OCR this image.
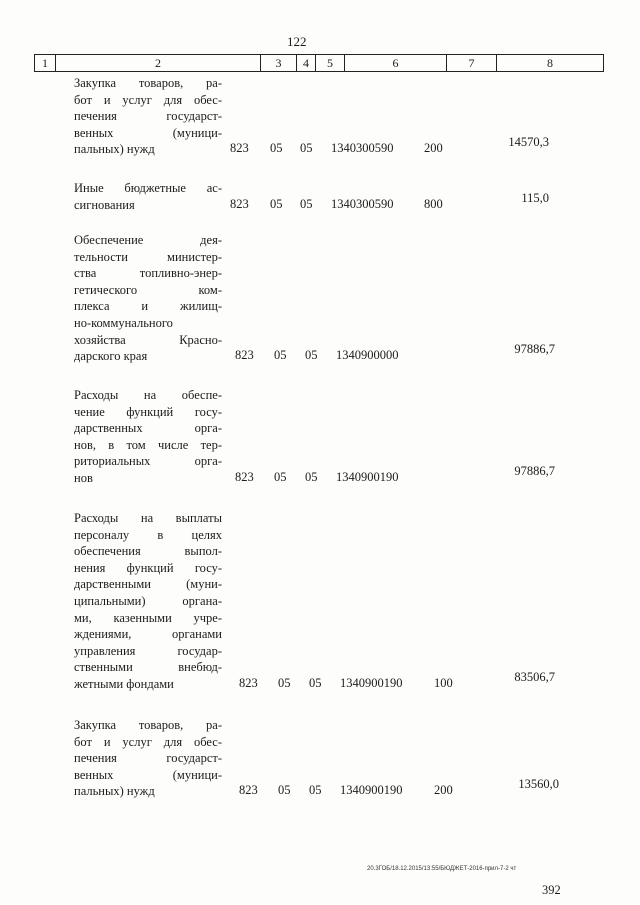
122
1	2	3	4	5	6	7	8
Закупка товаров, ра-
бот и услуг для обес-
печения государст-
венных (муници-
пальных) нужд	823 05 05 1340300590 200	14570,3
Иные бюджетные ас-
сигнования	823 05 05 1340300590 800	115,0
Обеспечение дея-
тельности министер-
ства топливно-энер-
гетического ком-
плекса и жилищ-
но-коммунального
хозяйства Красно-
дарского края	823 05 05 1340900000	97886,7
Расходы на обеспе-
чение функций госу-
дарственных орга-
нов, в том числе тер-
риториальных орга-
нов	823 05 05 1340900190	97886,7
Расходы на выплаты
персоналу в целях
обеспечения выпол-
нения функций госу-
дарственными (муни-
ципальными) органа-
ми, казенными учре-
ждениями, органами
управления государ-
ственными внебюд-
жетными фондами	823 05 05 1340900190	100	83506,7
Закупка товаров, ра-
бот и услуг для обес-
печения государст-
венных (муници-
пальных) нужд	823 05 05 1340900190	200	13560,0
20.3ГОБ/18.12.2015/13:55/БЮДЖЕТ-2016-прил-7-2 чт
392
